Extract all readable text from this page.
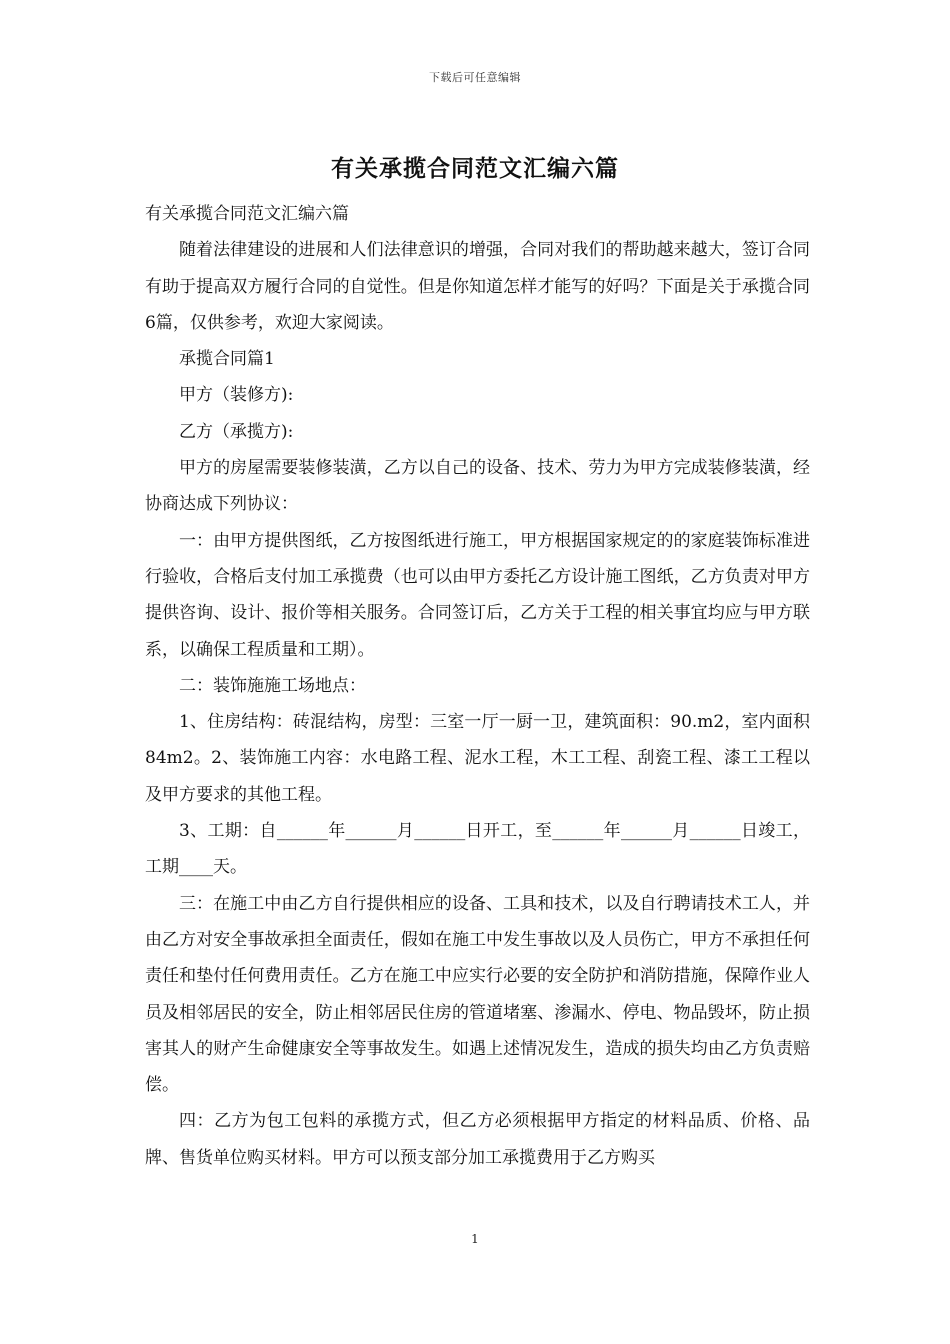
下载后可任意编辑
有关承揽合同范文汇编六篇

有关承揽合同范文汇编六篇

随着法律建设的进展和人们法律意识的增强，合同对我们的帮助越来越大，签订合同有助于提高双方履行合同的自觉性。但是你知道怎样才能写的好吗？下面是关于承揽合同6篇，仅供参考，欢迎大家阅读。

承揽合同篇1

甲方（装修方):

乙方（承揽方):

甲方的房屋需要装修装潢，乙方以自己的设备、技术、劳力为甲方完成装修装潢，经协商达成下列协议：

一：由甲方提供图纸，乙方按图纸进行施工，甲方根据国家规定的的家庭装饰标准进行验收，合格后支付加工承揽费（也可以由甲方委托乙方设计施工图纸，乙方负责对甲方提供咨询、设计、报价等相关服务。合同签订后，乙方关于工程的相关事宜均应与甲方联系，以确保工程质量和工期）。

二：装饰施施工场地点：

1、住房结构：砖混结构，房型：三室一厅一厨一卫，建筑面积：90.m2，室内面积84m2。2、装饰施工内容：水电路工程、泥水工程，木工工程、刮瓷工程、漆工工程以及甲方要求的其他工程。

3、工期：自______年______月______日开工，至______年______月______日竣工，工期____天。

三：在施工中由乙方自行提供相应的设备、工具和技术，以及自行聘请技术工人，并由乙方对安全事故承担全面责任，假如在施工中发生事故以及人员伤亡，甲方不承担任何责任和垫付任何费用责任。乙方在施工中应实行必要的安全防护和消防措施，保障作业人员及相邻居民的安全，防止相邻居民住房的管道堵塞、渗漏水、停电、物品毁坏，防止损害其人的财产生命健康安全等事故发生。如遇上述情况发生，造成的损失均由乙方负责赔偿。

四：乙方为包工包料的承揽方式，但乙方必须根据甲方指定的材料品质、价格、品牌、售货单位购买材料。甲方可以预支部分加工承揽费用于乙方购买

1
